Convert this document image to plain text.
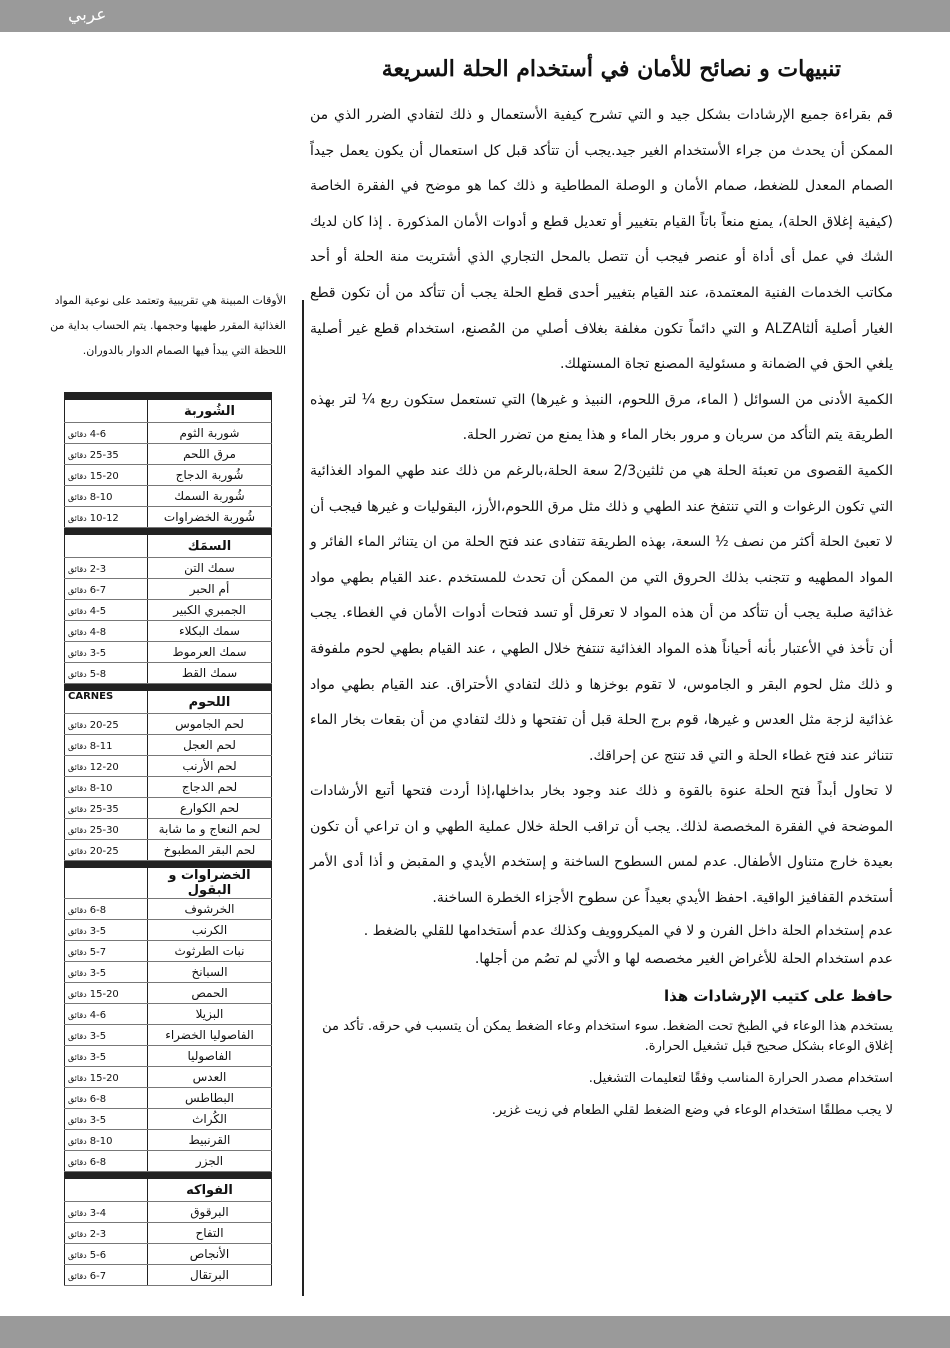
عربي
تنبيهات و نصائح للأمان في أستخدام الحلة السريعة

قم بقراءة جميع الإرشادات بشكل جيد و التي تشرح كيفية الأستعمال و ذلك لتفادي الضرر الذي من الممكن أن يحدث من جراء الأستخدام الغير جيد.يجب أن تتأكد قبل كل استعمال أن يكون يعمل جيداً الصمام المعدل للضغط، صمام الأمان و الوصلة المطاطية و ذلك كما هو موضح في الفقرة الخاصة (كيفية إغلاق الحلة)، يمنع منعاً باتاً القيام بتغيير أو تعديل قطع و أدوات الأمان المذكورة . إذا كان لديك الشك في عمل أى أداة أو عنصر فيجب أن تتصل بالمحل التجاري الذي أشتريت منة الحلة أو أحد مكاتب الخدمات الفنية المعتمدة، عند القيام بتغيير أحدى قطع الحلة يجب أن تتأكد من أن تكون قطع الغيار أصلية ألثاALZA و التي دائماً تكون مغلفة بغلاف أصلي من المُصنع، استخدام قطع غير أصلية يلغي الحق في الضمانة و مسئولية المصنع تجاة المستهلك.

الكمية الأدنى من السوائل ( الماء، مرق اللحوم، النبيذ و غيرها) التي تستعمل ستكون ربع ¼ لتر بهذه الطريقة يتم التأكد من سريان و مرور بخار الماء و هذا يمنع من تضرر الحلة.

الكمية القصوى من تعبئة الحلة هي من ثلثين2/3 سعة الحلة،بالرغم من ذلك عند طهي المواد الغذائية التي تكون الرغوات و التي تنتفخ عند الطهي و ذلك مثل مرق اللحوم،الأرز، البقوليات و غيرها فيجب أن لا تعبئ الحلة أكثر من نصف ½ السعة، بهذه الطريقة تتفادى عند فتح الحلة من ان يتناثر الماء الفائر و المواد المطهيه و تتجنب بذلك الحروق التي من الممكن أن تحدث للمستخدم .عند القيام بطهي مواد غذائية صلبة يجب أن تتأكد من أن هذه المواد لا تعرقل أو تسد فتحات أدوات الأمان في الغطاء. يجب أن تأخذ في الأعتبار بأنه أحياناً هذه المواد الغذائية تنتفخ خلال الطهي ، عند القيام بطهي لحوم ملفوفة و ذلك مثل لحوم البقر و الجاموس، لا تقوم بوخزها و ذلك لتفادي الأحتراق. عند القيام بطهي مواد غذائية لزجة مثل العدس و غيرها، قوم برج الحلة قبل أن تفتحها و ذلك لتفادي من أن بقعات بخار الماء تتناثر عند فتح غطاء الحلة و التي قد تنتج عن إحراقك.

لا تحاول أبداً فتح الحلة عنوة بالقوة و ذلك عند وجود بخار بداخلها،إذا أردت فتحها أتبع الأرشادات الموضحة في الفقرة المخصصة لذلك. يجب أن تراقب الحلة خلال عملية الطهي و ان تراعي أن تكون بعيدة خارج متناول الأطفال. عدم لمس السطوح الساخنة و إستخدم الأيدي و المقبض و أذا أدى الأمر أستخدم القفافيز الواقية. احفظ الأيدي بعيداً عن سطوح الأجزاء الخطرة الساخنة.

عدم إستخدام الحلة داخل الفرن و لا في الميكروويف وكذلك عدم أستخدامها للقلي بالضغط .

عدم استخدام الحلة للأغراض الغير مخصصه لها و الأتي لم تصُم من أجلها.

حافظ على كتيب الإرشادات هذا

يستخدم هذا الوعاء في الطبخ تحت الضغط. سوء استخدام وعاء الضغط يمكن أن يتسبب في حرقه. تأكد من إغلاق الوعاء بشكل صحيح قبل تشغيل الحرارة.

استخدام مصدر الحرارة المناسب وفقًا لتعليمات التشغيل.

لا يجب مطلقًا استخدام الوعاء في وضع الضغط لقلي الطعام في زيت غزير.

الأوقات المبينة هي تقريبية وتعتمد على نوعية المواد الغذائية المقرر طهيها وحجمها. يتم الحساب بداية من اللحظة التي يبدأ فيها الصمام الدوار بالدوران.

	الشُوربة
4-6دقائق	شوربة الثوم
25-35دقائق	مرق اللحم
15-20دقائق	شُوربة الدجاج
8-10دقائق	شُوربة السمك
10-12دقائق	شُوربة الخضراوات

	السمَك
2-3دقائق	سمك التن
6-7دقائق	أم الحبر
4-5دقائق	الجمبري الكبير
4-8دقائق	سمك البكلاء
3-5دقائق	سمك العرموط
5-8دقائق	سمك القط

CARNES	اللحوم
20-25دقائق	لحم الجاموس
8-11دقائق	لحم العجل
12-20دقائق	لحم الأرنب
8-10دقائق	لحم الدجاج
25-35دقائق	لحم الكوارع
25-30دقائق	لحم النعاج و ما شابة
20-25دقائق	لحم البقر المطبوخ

	الخضراوات و البقول
6-8دقائق	الخرشوف
3-5دقائق	الكرنب
5-7دقائق	نبات الطرثوث
3-5دقائق	السبانخ
15-20دقائق	الحمص
4-6دقائق	البزيلا
3-5دقائق	الفاصوليا الخضراء
3-5دقائق	الفاصوليا
15-20دقائق	العدس
6-8دقائق	البطاطس
3-5دقائق	الكُراث
8-10دقائق	القرنبيط
6-8دقائق	الجزر

	الفواكه
3-4دقائق	البرقوق
2-3دقائق	التفاح
5-6دقائق	الأنجاص
6-7دقائق	البرتقال
